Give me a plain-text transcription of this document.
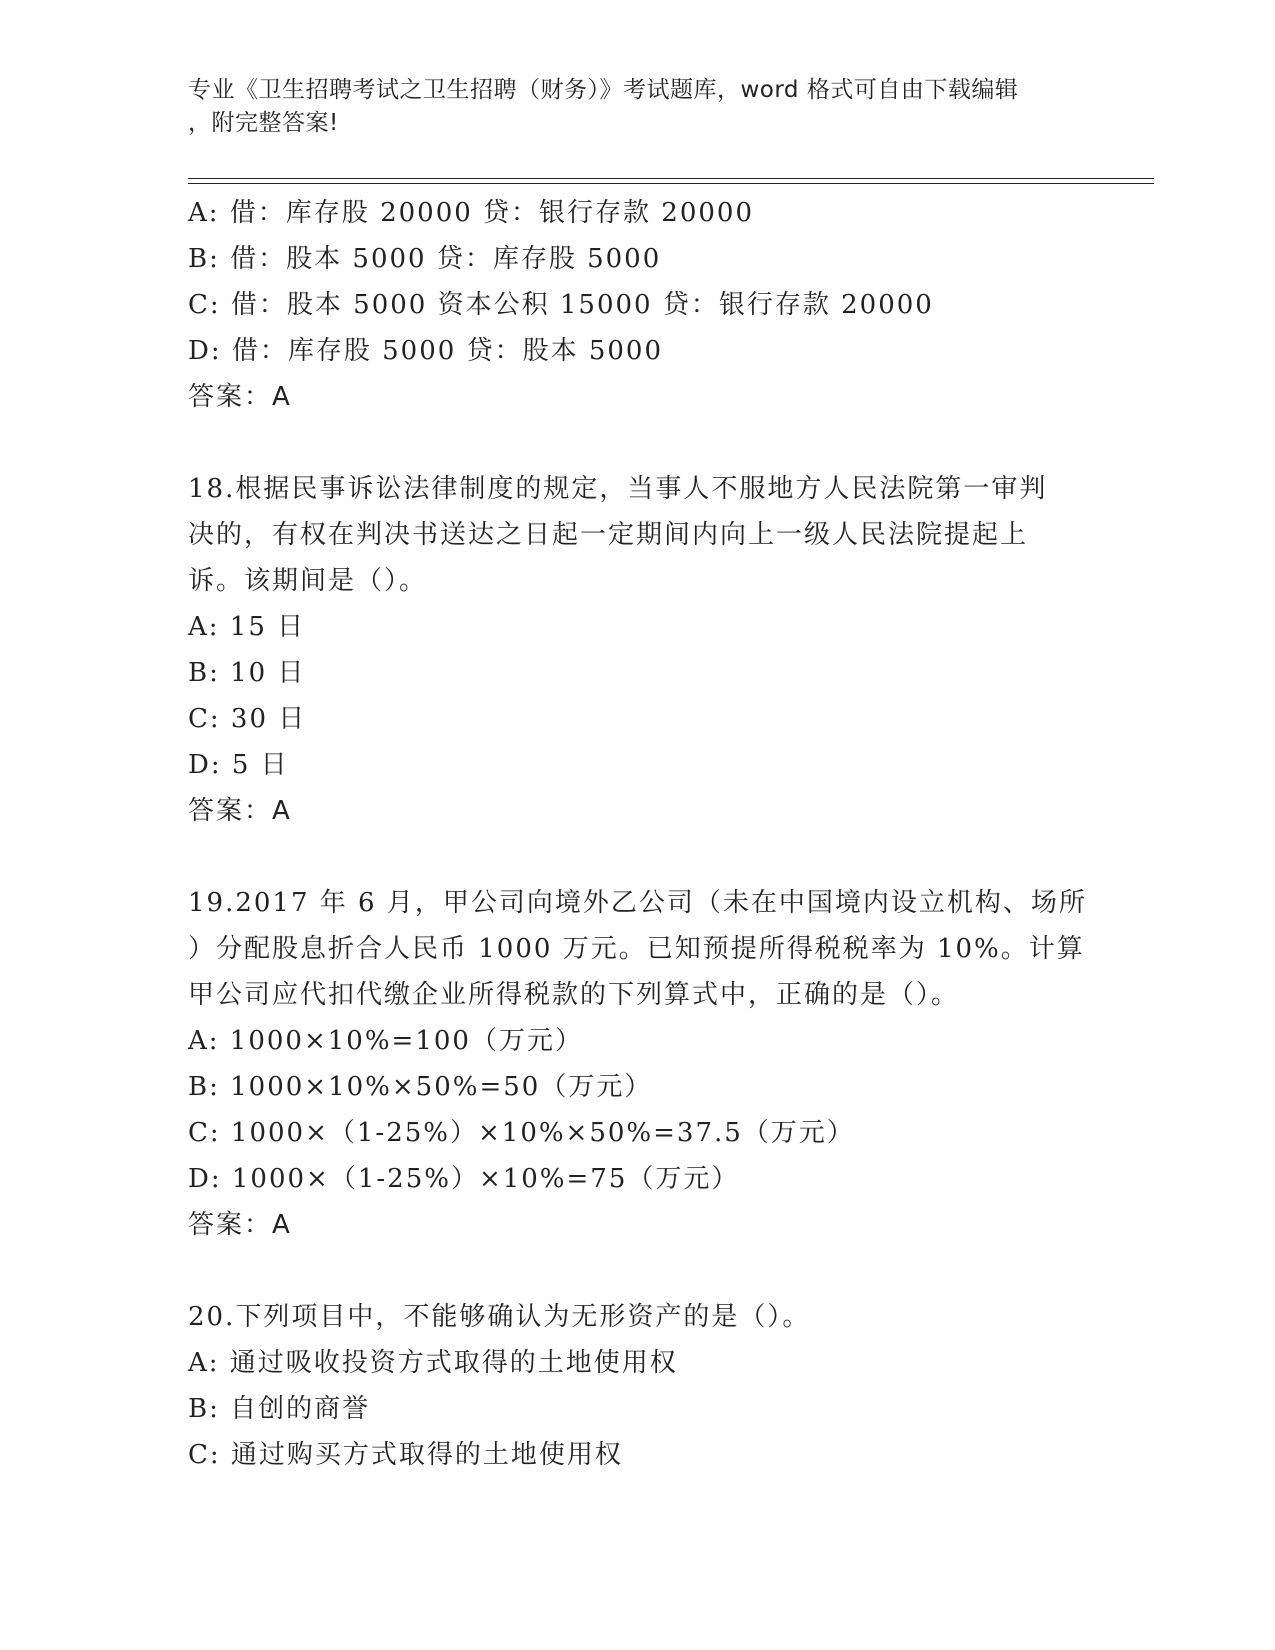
专业《卫生招聘考试之卫生招聘（财务）》考试题库，word 格式可自由下载编辑
，附完整答案!
A: 借：库存股 20000 贷：银行存款 20000
B: 借：股本 5000 贷：库存股 5000
C: 借：股本 5000 资本公积 15000 贷：银行存款 20000
D: 借：库存股 5000 贷：股本 5000
答案：A
18.根据民事诉讼法律制度的规定，当事人不服地方人民法院第一审判
决的，有权在判决书送达之日起一定期间内向上一级人民法院提起上
诉。该期间是（）。
A: 15 日
B: 10 日
C: 30 日
D: 5 日
答案：A
19.2017 年 6 月，甲公司向境外乙公司（未在中国境内设立机构、场所
）分配股息折合人民币 1000 万元。已知预提所得税税率为 10%。计算
甲公司应代扣代缴企业所得税款的下列算式中，正确的是（）。
A: 1000×10%=100（万元）
B: 1000×10%×50%=50（万元）
C: 1000×（1-25%）×10%×50%=37.5（万元）
D: 1000×（1-25%）×10%=75（万元）
答案：A
20.下列项目中，不能够确认为无形资产的是（）。
A: 通过吸收投资方式取得的土地使用权
B: 自创的商誉
C: 通过购买方式取得的土地使用权
